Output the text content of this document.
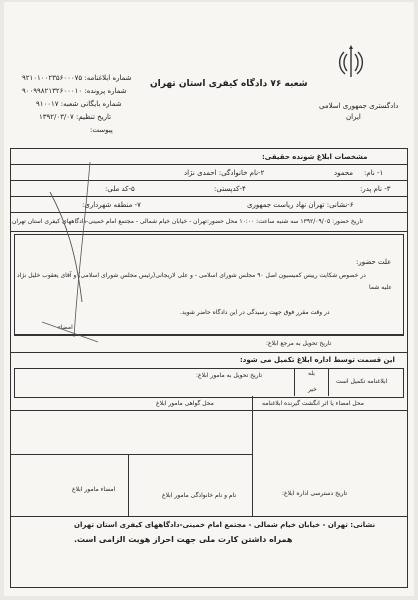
دادگستری جمهوری اسلامی
ایران
شعبه ۷۶ دادگاه کیفری استان تهران
شماره ابلاغنامه: ۹۲۱۰۱۰۰۲۳۵۶۰۰۰۷۵
شماره پرونده: ۹۰۰۹۹۸۲۱۳۲۶۰۰۰۱۰
شماره بایگانی شعبه: ۹۱۰۰۱۷
تاریخ تنظیم: ۱۳۹۲/۰۳/۰۷
پیوست:
مشخصات ابلاغ شونده حقیقی:
۱- نام:
محمود
۲-نام خانوادگی: احمدی نژاد
۳- نام پدر:
۴-کدپستی:
۵-کد ملی:
۶-نشانی: تهران نهاد ریاست جمهوری
۷- منطقه شهرداری:
تاریخ حضور: ۱۳۹۲/۰۹/۰۵ سه شنبه ساعت: ۱۰:۰۰ محل حضور:تهران - خیابان خیام شمالی - مجتمع امام خمینی-دادگاههای کیفری استان تهران
علت حضور:
در خصوص شکایت رییس کمیسیون اصل ۹۰ مجلس شورای اسلامی - و علی لاریجانی(رئیس مجلس شورای اسلامی) و آقای یعقوب خلیل نژاد
علیه شما
در وقت مقرر فوق جهت رسیدگی در این دادگاه حاضر شوید.
امضاء
تاریخ تحویل به مرجع ابلاغ:
این قسمت توسط اداره ابلاغ تکمیل می شود:
ابلاغنامه تکمیل است
بله
خیر
تاریخ تحویل به مامور ابلاغ:
محل امضاء یا اثر انگشت گیرنده ابلاغنامه
محل گواهی مامور ابلاغ
تاریخ دسترسی اداره ابلاغ:
نام و نام خانوادگی مامور ابلاغ
امضاء مامور ابلاغ
نشانی: تهران - خیابان خیام شمالی - مجتمع امام خمینی-دادگاههای کیفری استان تهران
همراه داشتن کارت ملی جهت احراز هویت الزامی است.
